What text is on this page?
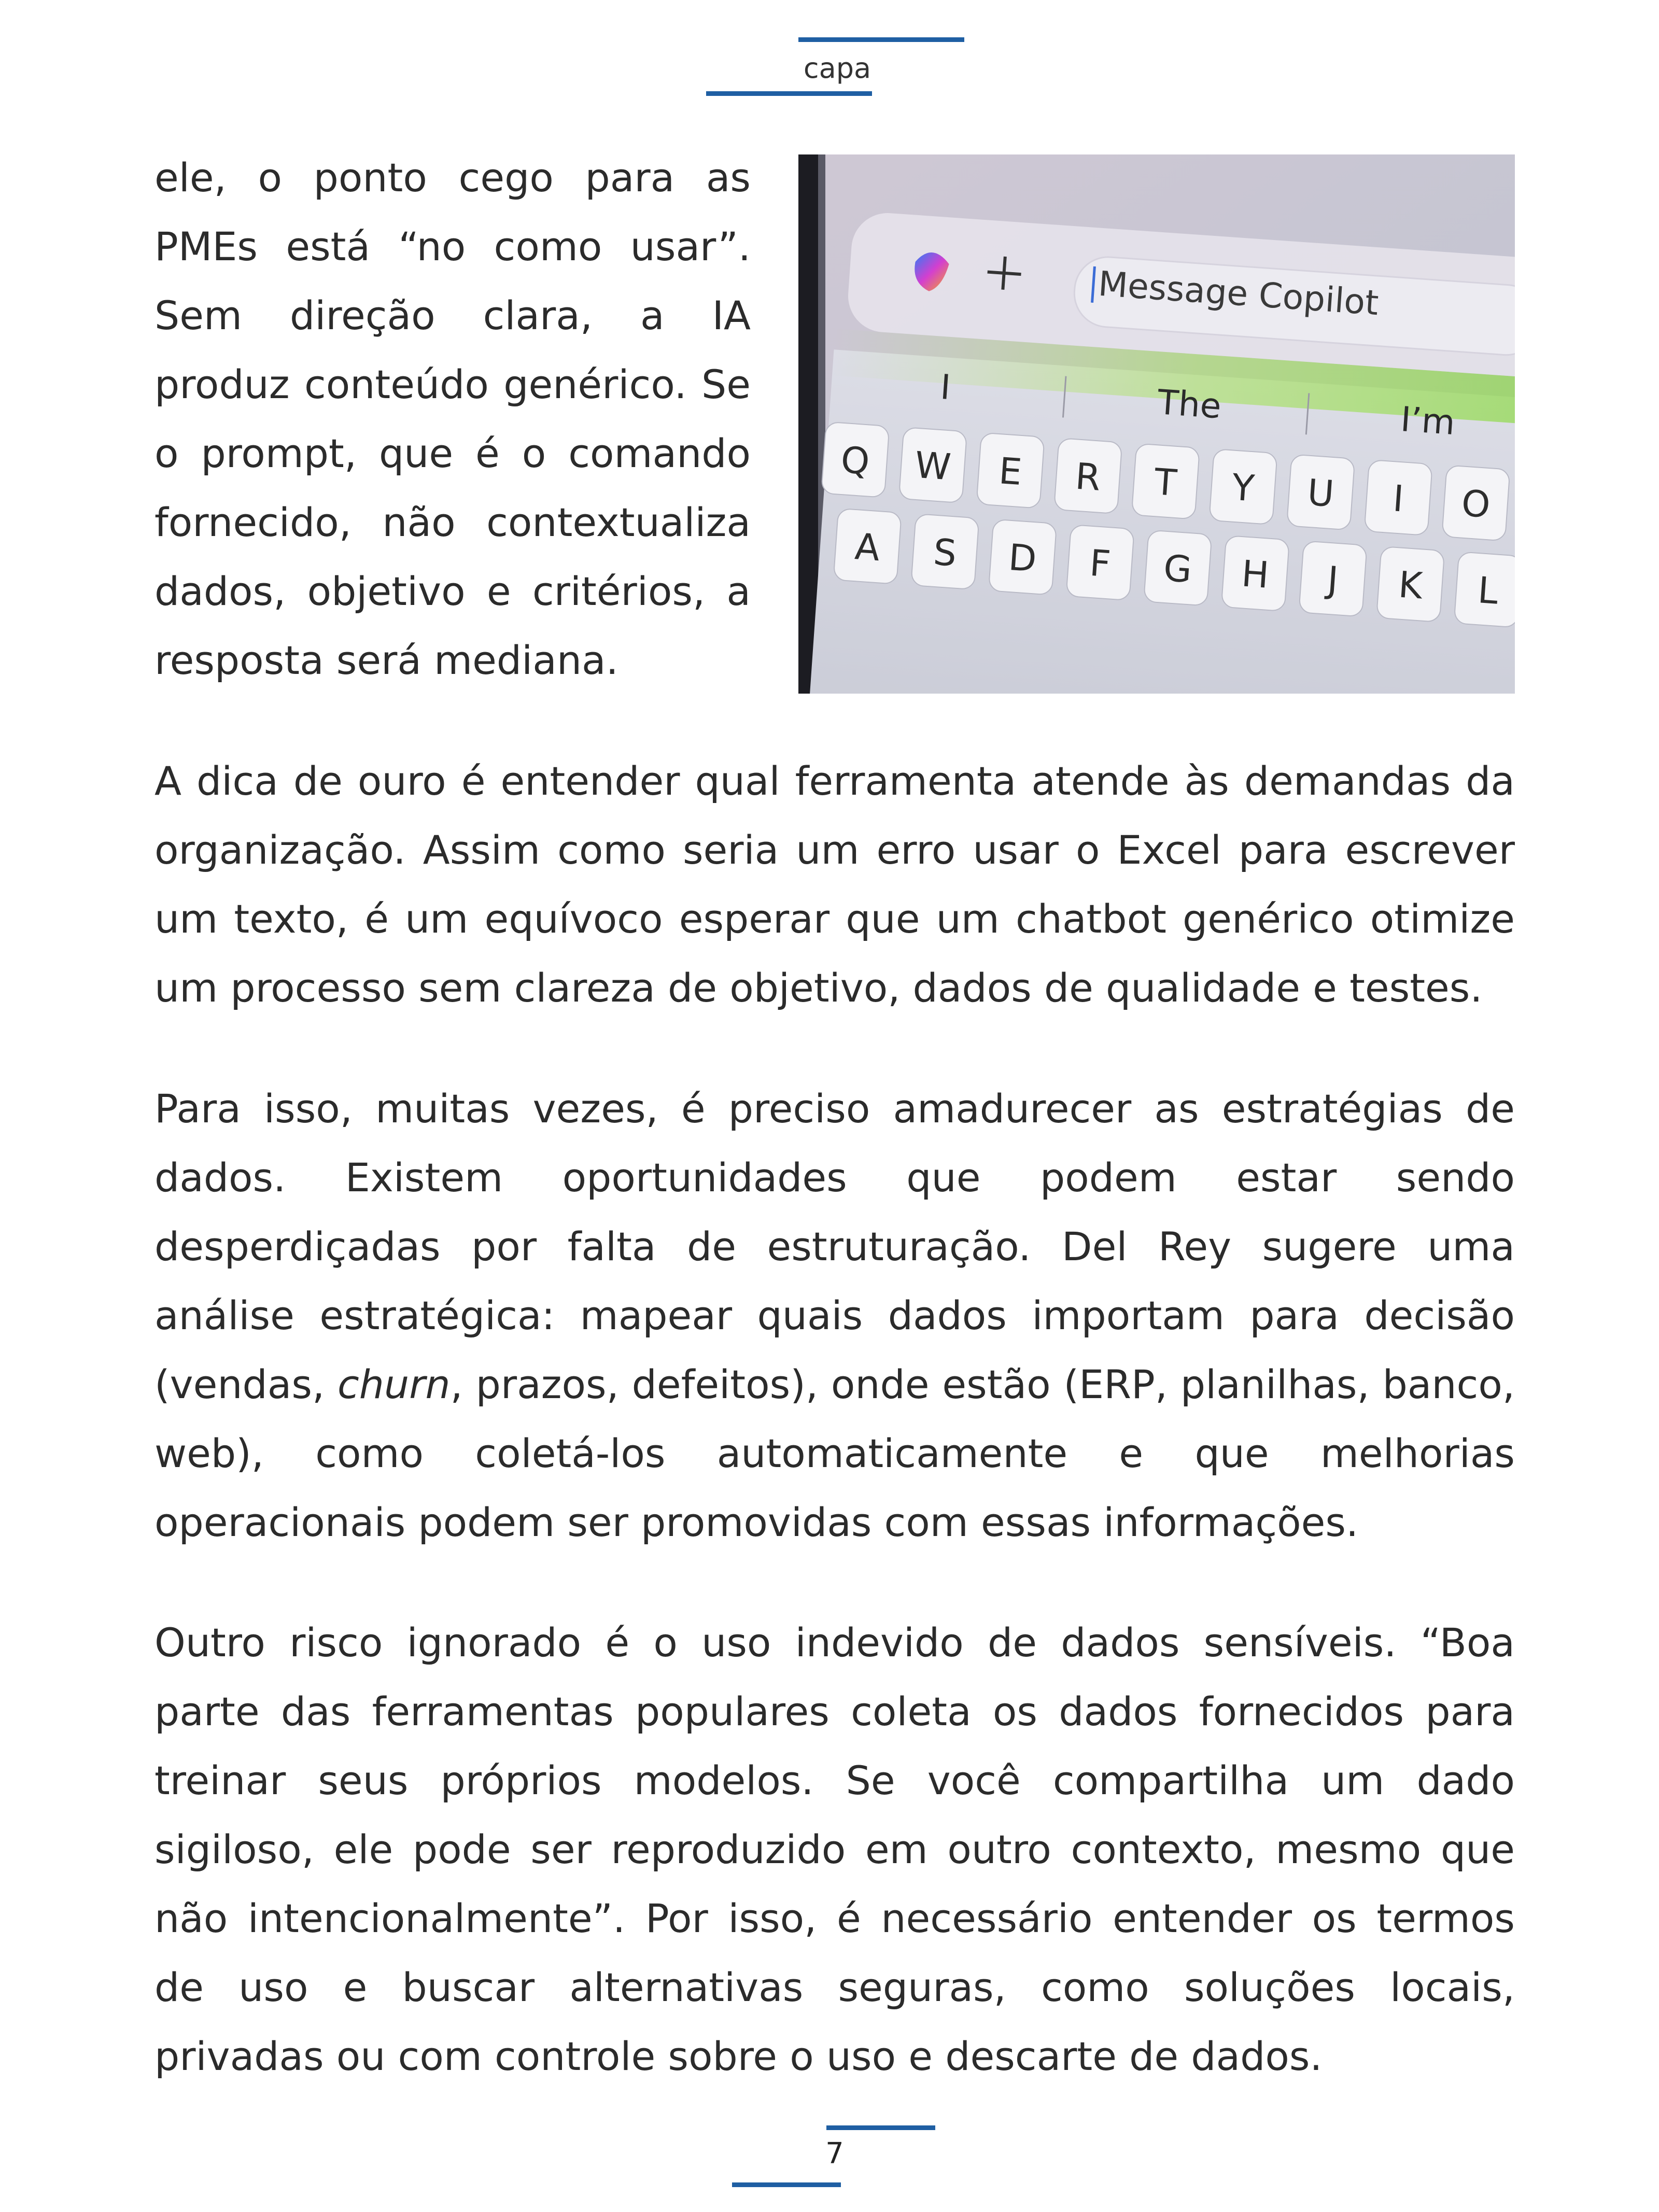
capa

ele, o ponto cego para as PMEs está “no como usar”. Sem direção clara, a IA produz conteúdo genérico. Se o prompt, que é o comando fornecido, não contextualiza dados, objetivo e critérios, a resposta será mediana.

Message Copilot
I	The	I’m
Q W E R T Y U I O
A S D F G H J K L

A dica de ouro é entender qual ferramenta atende às demandas da organização. Assim como seria um erro usar o Excel para escrever um texto, é um equívoco esperar que um chatbot genérico otimize um processo sem clareza de objetivo, dados de qualidade e testes.

Para isso, muitas vezes, é preciso amadurecer as estratégias de dados. Existem oportunidades que podem estar sendo desperdiçadas por falta de estruturação. Del Rey sugere uma análise estratégica: mapear quais dados importam para decisão (vendas, churn, prazos, defeitos), onde estão (ERP, planilhas, banco, web), como coletá-los automaticamente e que melhorias operacionais podem ser promovidas com essas informações.

Outro risco ignorado é o uso indevido de dados sensíveis. “Boa parte das ferramentas populares coleta os dados fornecidos para treinar seus próprios modelos. Se você compartilha um dado sigiloso, ele pode ser reproduzido em outro contexto, mesmo que não intencionalmente”. Por isso, é necessário entender os termos de uso e buscar alternativas seguras, como soluções locais, privadas ou com controle sobre o uso e descarte de dados.

7
